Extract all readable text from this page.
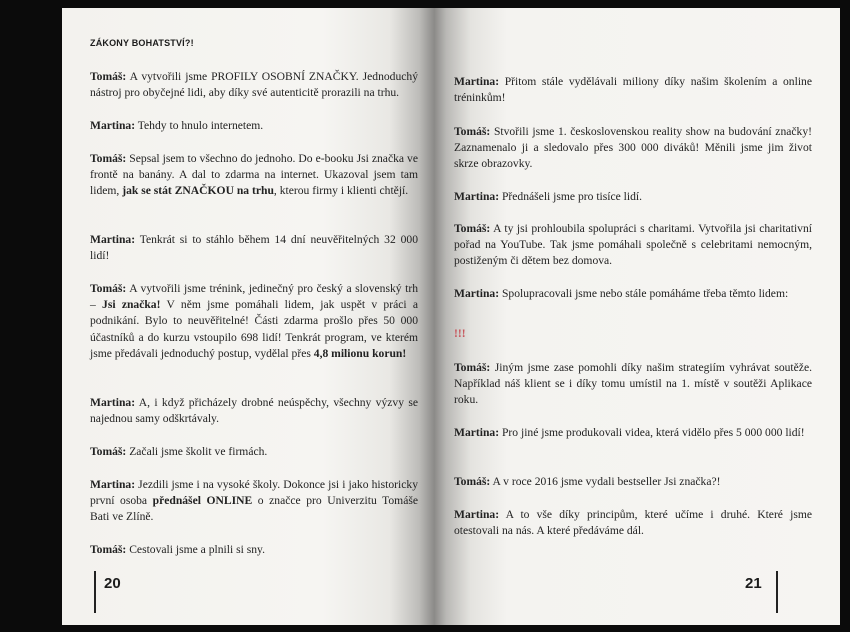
ZÁKONY BOHATSTVÍ?!

Tomáš: A vytvořili jsme PROFILY OSOBNÍ ZNAČKY. Jednoduchý nástroj pro obyčejné lidi, aby díky své autenticitě prorazili na trhu.

Martina: Tehdy to hnulo internetem.

Tomáš: Sepsal jsem to všechno do jednoho. Do e-booku Jsi značka ve frontě na banány. A dal to zdarma na internet. Ukazoval jsem tam lidem, jak se stát ZNAČKOU na trhu, kterou firmy i klienti chtějí.

Martina: Tenkrát si to stáhlo během 14 dní neuvěřitelných 32 000 lidí!

Tomáš: A vytvořili jsme trénink, jedinečný pro český a slovenský trh – Jsi značka! V něm jsme pomáhali lidem, jak uspět v práci a podnikání. Bylo to neuvěřitelné! Části zdarma prošlo přes 50 000 účastníků a do kurzu vstoupilo 698 lidí! Tenkrát program, ve kterém jsme předávali jednoduchý postup, vydělal přes 4,8 milionu korun!

Martina: A, i když přicházely drobné neúspěchy, všechny výzvy se najednou samy odškrtávaly.

Tomáš: Začali jsme školit ve firmách.

Martina: Jezdili jsme i na vysoké školy. Dokonce jsi i jako historicky první osoba přednášel ONLINE o značce pro Univerzitu Tomáše Bati ve Zlíně.

Tomáš: Cestovali jsme a plnili si sny.

20

Martina: Přitom stále vydělávali miliony díky našim školením a online tréninkům!

Tomáš: Stvořili jsme 1. československou reality show na budování značky! Zaznamenalo ji a sledovalo přes 300 000 diváků! Měnili jsme jim život skrze obrazovky.

Martina: Přednášeli jsme pro tisíce lidí.

Tomáš: A ty jsi prohloubila spolupráci s charitami. Vytvořila jsi charitativní pořad na YouTube. Tak jsme pomáhali společně s celebritami nemocným, postiženým či dětem bez domova.

Martina: Spolupracovali jsme nebo stále pomáháme třeba těmto lidem:

!!!

Tomáš: Jiným jsme zase pomohli díky našim strategiím vyhrávat soutěže. Například náš klient se i díky tomu umístil na 1. místě v soutěži Aplikace roku.

Martina: Pro jiné jsme produkovali videa, která vidělo přes 5 000 000 lidí!

Tomáš: A v roce 2016 jsme vydali bestseller Jsi značka?!

Martina: A to vše díky principům, které učíme i druhé. Které jsme otestovali na nás. A které předáváme dál.

21
